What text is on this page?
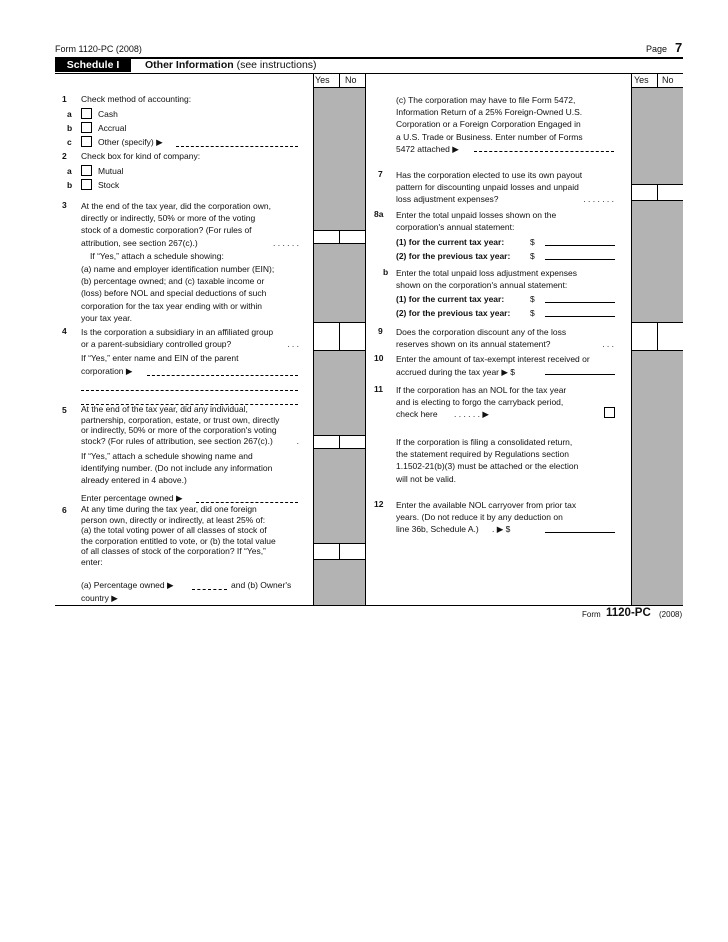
Form 1120-PC (2008)	Page 7
Schedule I	Other Information (see instructions)
Yes No	Yes No
1 Check method of accounting:
a	Cash
b	Accrual
c	Other (specify) ▶
2 Check box for kind of company:
a	Mutual
b	Stock
3 At the end of the tax year, did the corporation own,
directly or indirectly, 50% or more of the voting
stock of a domestic corporation? (For rules of
attribution, see section 267(c).)	. . . . . .
If “Yes,” attach a schedule showing:
(a) name and employer identification number (EIN);
(b) percentage owned; and (c) taxable income or
(loss) before NOL and special deductions of such
corporation for the tax year ending with or within
your tax year.
4 Is the corporation a subsidiary in an affiliated group
or a parent-subsidiary controlled group?	. . .
If “Yes,” enter name and EIN of the parent
corporation ▶
5 At the end of the tax year, did any individual,
partnership, corporation, estate, or trust own, directly
or indirectly, 50% or more of the corporation's voting
stock? (For rules of attribution, see section 267(c).)	.
If “Yes,” attach a schedule showing name and
identifying number. (Do not include any information
already entered in 4 above.)
Enter percentage owned ▶
6 At any time during the tax year, did one foreign
person own, directly or indirectly, at least 25% of:
(a) the total voting power of all classes of stock of
the corporation entitled to vote, or (b) the total value
of all classes of stock of the corporation? If “Yes,”
enter:
(a) Percentage owned ▶	and (b) Owner's
country ▶
(c) The corporation may have to file Form 5472,
Information Return of a 25% Foreign-Owned U.S.
Corporation or a Foreign Corporation Engaged in
a U.S. Trade or Business. Enter number of Forms
5472 attached ▶
7 Has the corporation elected to use its own payout
pattern for discounting unpaid losses and unpaid
loss adjustment expenses?	. . . . . . .
8a Enter the total unpaid losses shown on the
corporation's annual statement:
(1) for the current tax year:	$
(2) for the previous tax year: $
b Enter the total unpaid loss adjustment expenses
shown on the corporation's annual statement:
(1) for the current tax year:	$
(2) for the previous tax year: $
9 Does the corporation discount any of the loss
reserves shown on its annual statement?	. . .
10 Enter the amount of tax-exempt interest received or
accrued during the tax year ▶ $
11 If the corporation has an NOL for the tax year
and is electing to forgo the carryback period,
check here . . . . . . ▶
If the corporation is filing a consolidated return,
the statement required by Regulations section
1.1502-21(b)(3) must be attached or the election
will not be valid.
12 Enter the available NOL carryover from prior tax
years. (Do not reduce it by any deduction on
line 36b, Schedule A.) . ▶ $
Form 1120-PC (2008)
